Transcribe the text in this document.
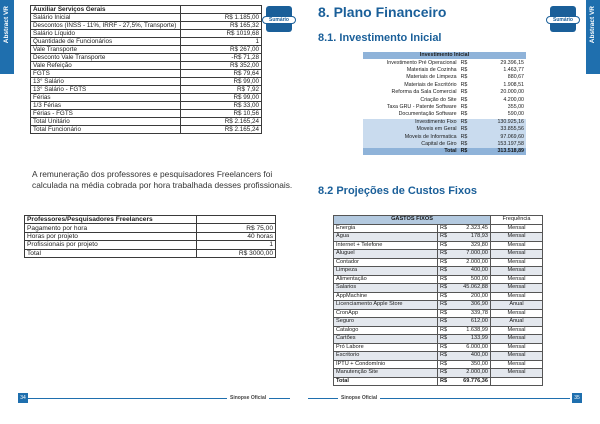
Abstract VR	Sumário
Auxiliar Serviços Gerais	
Salário Inicial	R$ 1.185,00
Descontos (INSS - 11%, IRRF - 27,5%, Transporte)	R$ 165,32
Salário Líquido	R$ 1019,68
Quantidade de Funcionários	1
Vale Transporte	R$ 267,00
Desconto Vale Transporte	-R$ 71,28
Vale Refeição	R$ 352,00
FGTS	R$ 79,64
13° Salário	R$ 99,00
13° Salário - FGTS	R$ 7,92
Férias	R$ 99,00
1/3 Férias	R$ 33,00
Férias - FGTS	R$ 10,56
Total Unitário	R$ 2.165,24
Total Funcionário	R$ 2.165,24

A remuneração dos professores e pesquisadores Freelancers foi calculada na média cobrada por hora trabalhada desses profissionais.

Professores/Pesquisadores Freelancers	
Pagamento por hora	R$ 75,00
Horas por projeto	40 horas
Profissionais por projeto	1
Total	R$ 3000,00
34	Sinopse Oficial
Abstract VR
Sumário
Sinopse Oficial	35
8. Plano Financeiro
8.1. Investimento Inicial
Investimento Inicial		
Investimento Pré Operacional	R$	29.396,15
Materiais de Cozinha	R$	1.463,77
Materiais de Limpeza	R$	880,67
Materiais de Escritório	R$	1.908,51
Reforma da Sala Comercial	R$	20.000,00
Criação do Site	R$	4.200,00
Taxa GRU - Patente Software	R$	355,00
Documentação Software	R$	590,00
Investimento Fixo	R$	130.925,16
Moveis em Geral	R$	33.855,56
Moveis de Informatica	R$	97.069,60
Capital de Giro	R$	153.197,58
Total	R$	313.518,89
8.2 Projeções de Custos Fixos
GASTOS FIXOS			Frequência
Energia	R$	2.323,45	Mensal
Agua	R$	178,93	Mensal
Internet + Telefone	R$	329,80	Mensal
Aluguel	R$	7.000,00	Mensal
Contador	R$	2.000,00	Mensal
Limpeza	R$	400,00	Mensal
Alimentação	R$	500,00	Mensal
Salarios	R$	45.062,88	Mensal
AppMachine	R$	200,00	Mensal
Licenciamento Apple Store	R$	306,90	Anual
CronApp	R$	339,78	Mensal
Seguro	R$	612,00	Anual
Catalogo	R$	1.638,99	Mensal
Cartões	R$	133,99	Mensal
Pró Labore	R$	6.000,00	Mensal
Escritorio	R$	400,00	Mensal
IPTU + Condomínio	R$	350,00	Mensal
Manutenção Site	R$	2.000,00	Mensal
Total	R$	69.776,36	
